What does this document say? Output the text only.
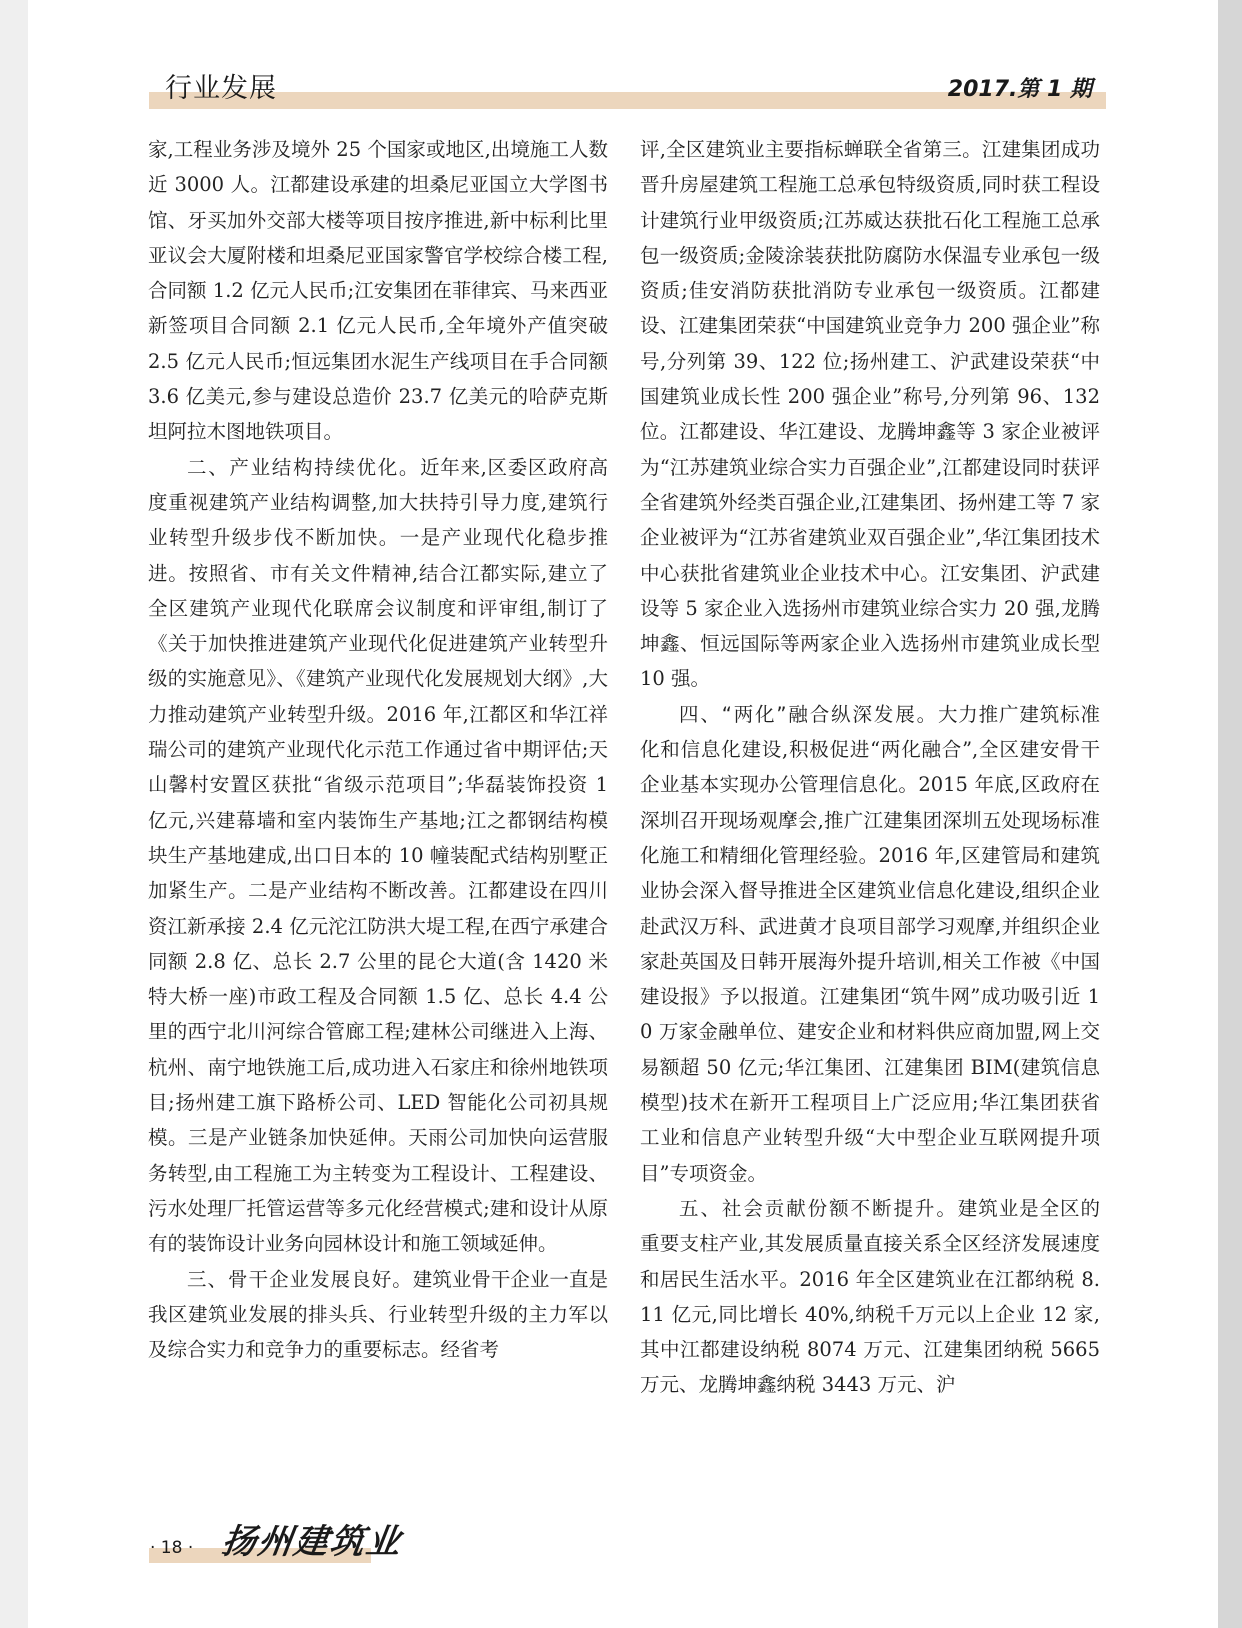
行业发展	2017.第 1 期

家,工程业务涉及境外 25 个国家或地区,出境施工人数近 3000 人。江都建设承建的坦桑尼亚国立大学图书馆、牙买加外交部大楼等项目按序推进,新中标利比里亚议会大厦附楼和坦桑尼亚国家警官学校综合楼工程,合同额 1.2 亿元人民币;江安集团在菲律宾、马来西亚新签项目合同额 2.1 亿元人民币,全年境外产值突破 2.5 亿元人民币;恒远集团水泥生产线项目在手合同额 3.6 亿美元,参与建设总造价 23.7 亿美元的哈萨克斯坦阿拉木图地铁项目。

二、产业结构持续优化。近年来,区委区政府高度重视建筑产业结构调整,加大扶持引导力度,建筑行业转型升级步伐不断加快。一是产业现代化稳步推进。按照省、市有关文件精神,结合江都实际,建立了全区建筑产业现代化联席会议制度和评审组,制订了《关于加快推进建筑产业现代化促进建筑产业转型升级的实施意见》、《建筑产业现代化发展规划大纲》,大力推动建筑产业转型升级。2016 年,江都区和华江祥瑞公司的建筑产业现代化示范工作通过省中期评估;天山馨村安置区获批“省级示范项目”;华磊装饰投资 1 亿元,兴建幕墙和室内装饰生产基地;江之都钢结构模块生产基地建成,出口日本的 10 幢装配式结构别墅正加紧生产。二是产业结构不断改善。江都建设在四川资江新承接 2.4 亿元沱江防洪大堤工程,在西宁承建合同额 2.8 亿、总长 2.7 公里的昆仑大道(含 1420 米特大桥一座)市政工程及合同额 1.5 亿、总长 4.4 公里的西宁北川河综合管廊工程;建林公司继进入上海、杭州、南宁地铁施工后,成功进入石家庄和徐州地铁项目;扬州建工旗下路桥公司、LED 智能化公司初具规模。三是产业链条加快延伸。天雨公司加快向运营服务转型,由工程施工为主转变为工程设计、工程建设、污水处理厂托管运营等多元化经营模式;建和设计从原有的装饰设计业务向园林设计和施工领域延伸。

三、骨干企业发展良好。建筑业骨干企业一直是我区建筑业发展的排头兵、行业转型升级的主力军以及综合实力和竞争力的重要标志。经省考

评,全区建筑业主要指标蝉联全省第三。江建集团成功晋升房屋建筑工程施工总承包特级资质,同时获工程设计建筑行业甲级资质;江苏威达获批石化工程施工总承包一级资质;金陵涂装获批防腐防水保温专业承包一级资质;佳安消防获批消防专业承包一级资质。江都建设、江建集团荣获“中国建筑业竞争力 200 强企业”称号,分列第 39、122 位;扬州建工、沪武建设荣获“中国建筑业成长性 200 强企业”称号,分列第 96、132 位。江都建设、华江建设、龙腾坤鑫等 3 家企业被评为“江苏建筑业综合实力百强企业”,江都建设同时获评全省建筑外经类百强企业,江建集团、扬州建工等 7 家企业被评为“江苏省建筑业双百强企业”,华江集团技术中心获批省建筑业企业技术中心。江安集团、沪武建设等 5 家企业入选扬州市建筑业综合实力 20 强,龙腾坤鑫、恒远国际等两家企业入选扬州市建筑业成长型 10 强。

四、“两化”融合纵深发展。大力推广建筑标准化和信息化建设,积极促进“两化融合”,全区建安骨干企业基本实现办公管理信息化。2015 年底,区政府在深圳召开现场观摩会,推广江建集团深圳五处现场标准化施工和精细化管理经验。2016 年,区建管局和建筑业协会深入督导推进全区建筑业信息化建设,组织企业赴武汉万科、武进黄才良项目部学习观摩,并组织企业家赴英国及日韩开展海外提升培训,相关工作被《中国建设报》予以报道。江建集团“筑牛网”成功吸引近 10 万家金融单位、建安企业和材料供应商加盟,网上交易额超 50 亿元;华江集团、江建集团 BIM(建筑信息模型)技术在新开工程项目上广泛应用;华江集团获省工业和信息产业转型升级“大中型企业互联网提升项目”专项资金。

五、社会贡献份额不断提升。建筑业是全区的重要支柱产业,其发展质量直接关系全区经济发展速度和居民生活水平。2016 年全区建筑业在江都纳税 8.11 亿元,同比增长 40%,纳税千万元以上企业 12 家,其中江都建设纳税 8074 万元、江建集团纳税 5665 万元、龙腾坤鑫纳税 3443 万元、沪

· 18 · 扬州建筑业
